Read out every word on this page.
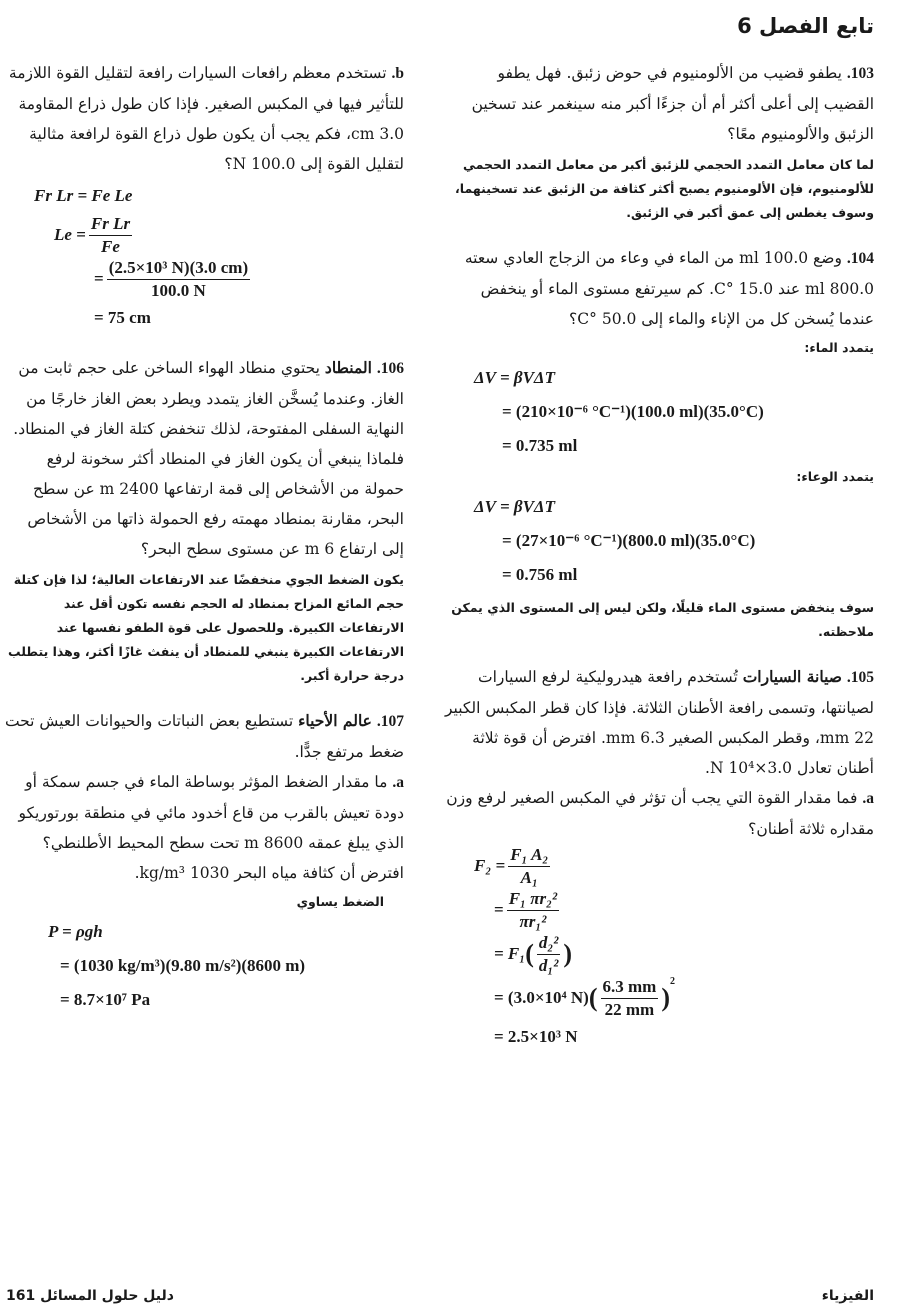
تابع الفصل 6

103. يطفو قضيب من الألومنيوم في حوض زئبق. فهل يطفو القضيب إلى أعلى أكثر أم أن جزءًا أكبر منه سينغمر عند تسخين الزئبق والألومنيوم معًا؟

لما كان معامل التمدد الحجمي للزئبق أكبر من معامل التمدد الحجمي للألومنيوم، فإن الألومنيوم يصبح أكثر كثافة من الزئبق عند تسخينهما، وسوف يغطس إلى عمق أكبر في الزئبق.

104. وضع 100.0 ml من الماء في وعاء من الزجاج العادي سعته 800.0 ml عند 15.0 °C. كم سيرتفع مستوى الماء أو ينخفض عندما يُسخن كل من الإناء والماء إلى 50.0 °C؟

يتمدد الماء:

ΔV = βVΔT
= (210×10⁻⁶ °C⁻¹)(100.0 ml)(35.0°C)
= 0.735 ml

يتمدد الوعاء:

ΔV = βVΔT
= (27×10⁻⁶ °C⁻¹)(800.0 ml)(35.0°C)
= 0.756 ml

سوف ينخفض مستوى الماء قليلًا، ولكن ليس إلى المستوى الذي يمكن ملاحظته.

105. صيانة السيارات تُستخدم رافعة هيدروليكية لرفع السيارات لصيانتها، وتسمى رافعة الأطنان الثلاثة. فإذا كان قطر المكبس الكبير 22 mm، وقطر المكبس الصغير 6.3 mm. افترض أن قوة ثلاثة أطنان تعادل 3.0×10⁴ N.

a. فما مقدار القوة التي يجب أن تؤثر في المكبس الصغير لرفع وزن مقداره ثلاثة أطنان؟

$F_2 = \frac{\text{F₁ A₂}}{\text{A₁}}$
= $\frac{\text{F₁ πr₂²}}{\text{πr₁²}}$
= F₁ ( $\frac{\text{d₂²}}{\text{d₁²}}$ )
= (3.0×10⁴ N) ( $\frac{6.3 mm}{22 mm}$ )
$^2$
= 2.5×10³ N

b. تستخدم معظم رافعات السيارات رافعة لتقليل القوة اللازمة للتأثير فيها في المكبس الصغير. فإذا كان طول ذراع المقاومة 3.0 cm، فكم يجب أن يكون طول ذراع القوة لرافعة مثالية لتقليل القوة إلى 100.0 N؟

Fr Lr = Fe Le
$Le = \frac{\text{Fr Lr}}{Fe}$
= $\frac{\text{(2.5×10³ N)(3.0 cm)}}{100.0 N}$
= 75 cm

106. المنطاد يحتوي منطاد الهواء الساخن على حجم ثابت من الغاز. وعندما يُسخَّن الغاز يتمدد ويطرد بعض الغاز خارجًا من النهاية السفلى المفتوحة، لذلك تنخفض كتلة الغاز في المنطاد. فلماذا ينبغي أن يكون الغاز في المنطاد أكثر سخونة لرفع حمولة من الأشخاص إلى قمة ارتفاعها 2400 m عن سطح البحر، مقارنة بمنطاد مهمته رفع الحمولة ذاتها من الأشخاص إلى ارتفاع 6 m عن مستوى سطح البحر؟

يكون الضغط الجوي منخفضًا عند الارتفاعات العالية؛ لذا فإن كتلة حجم المائع المزاح بمنطاد له الحجم نفسه تكون أقل عند الارتفاعات الكبيرة. وللحصول على قوة الطفو نفسها عند الارتفاعات الكبيرة ينبغي للمنطاد أن ينفث غازًا أكثر، وهذا يتطلب درجة حرارة أكبر.

107. عالم الأحياء تستطيع بعض النباتات والحيوانات العيش تحت ضغط مرتفع جدًّا.

a. ما مقدار الضغط المؤثر بوساطة الماء في جسم سمكة أو دودة تعيش بالقرب من قاع أخدود مائي في منطقة بورتوريكو الذي يبلغ عمقه 8600 m تحت سطح المحيط الأطلنطي؟ افترض أن كثافة مياه البحر 1030 kg/m³.

الضغط يساوي

P = ρgh
= (1030 kg/m³)(9.80 m/s²)(8600 m)
= 8.7×10⁷ Pa
الفيزياء
دليل حلول المسائل 161
